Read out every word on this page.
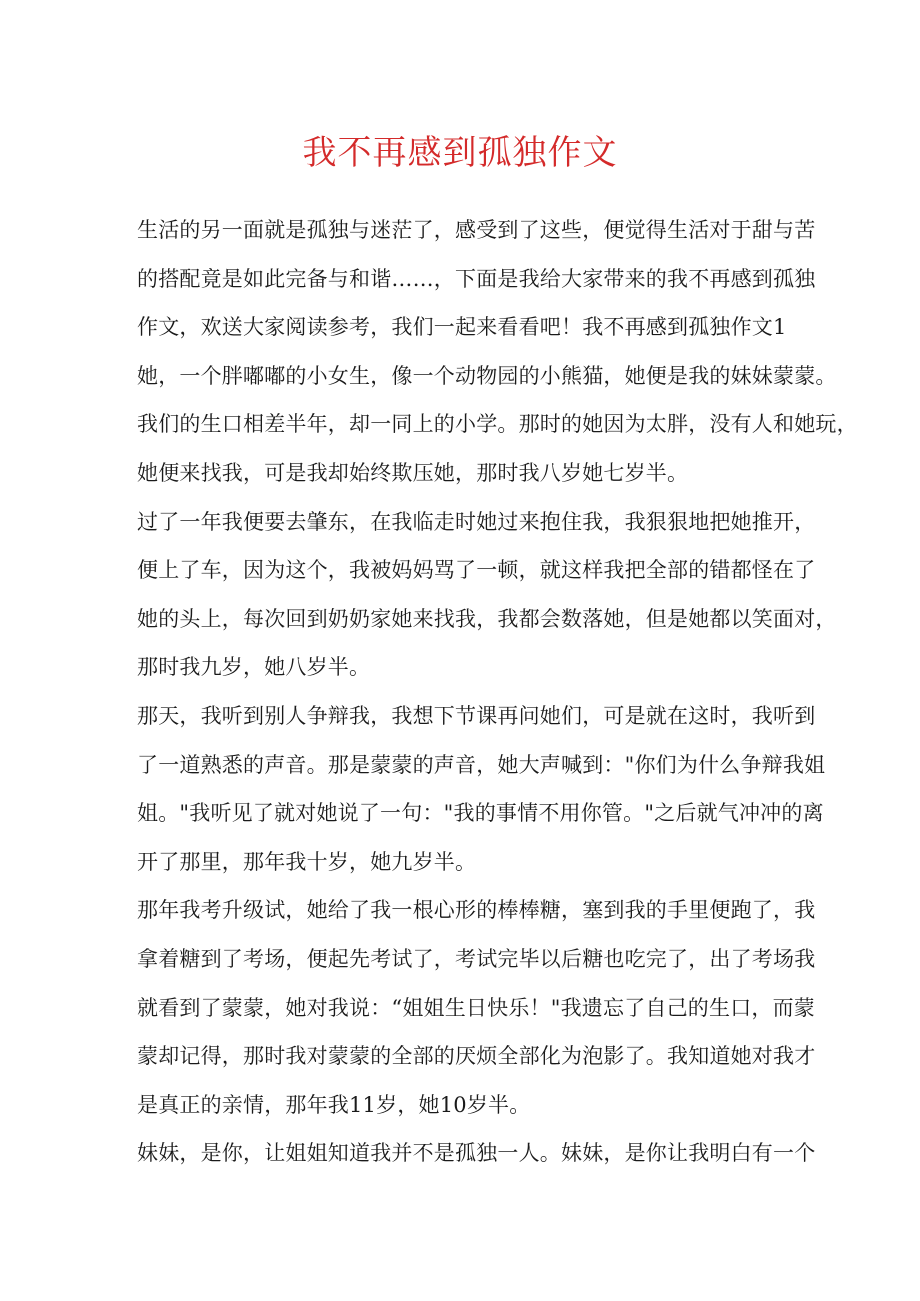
我不再感到孤独作文
生活的另一面就是孤独与迷茫了，感受到了这些，便觉得生活对于甜与苦
的搭配竟是如此完备与和谐……，下面是我给大家带来的我不再感到孤独
作文，欢送大家阅读参考，我们一起来看看吧！我不再感到孤独作文1
她，一个胖嘟嘟的小女生，像一个动物园的小熊猫，她便是我的妹妹蒙蒙。
我们的生口相差半年，却一同上的小学。那时的她因为太胖，没有人和她玩，
她便来找我，可是我却始终欺压她，那时我八岁她七岁半。
过了一年我便要去肇东，在我临走时她过来抱住我，我狠狠地把她推开，
便上了车，因为这个，我被妈妈骂了一顿，就这样我把全部的错都怪在了
她的头上，每次回到奶奶家她来找我，我都会数落她，但是她都以笑面对，
那时我九岁，她八岁半。
那天，我听到别人争辩我，我想下节课再问她们，可是就在这时，我听到
了一道熟悉的声音。那是蒙蒙的声音，她大声喊到："你们为什么争辩我姐
姐。"我听见了就对她说了一句："我的事情不用你管。"之后就气冲冲的离
开了那里，那年我十岁，她九岁半。
那年我考升级试，她给了我一根心形的棒棒糖，塞到我的手里便跑了，我
拿着糖到了考场，便起先考试了，考试完毕以后糖也吃完了，出了考场我
就看到了蒙蒙，她对我说：“姐姐生日快乐！"我遗忘了自己的生口，而蒙
蒙却记得，那时我对蒙蒙的全部的厌烦全部化为泡影了。我知道她对我才
是真正的亲情，那年我11岁，她10岁半。
妹妹，是你，让姐姐知道我并不是孤独一人。妹妹，是你让我明白有一个
